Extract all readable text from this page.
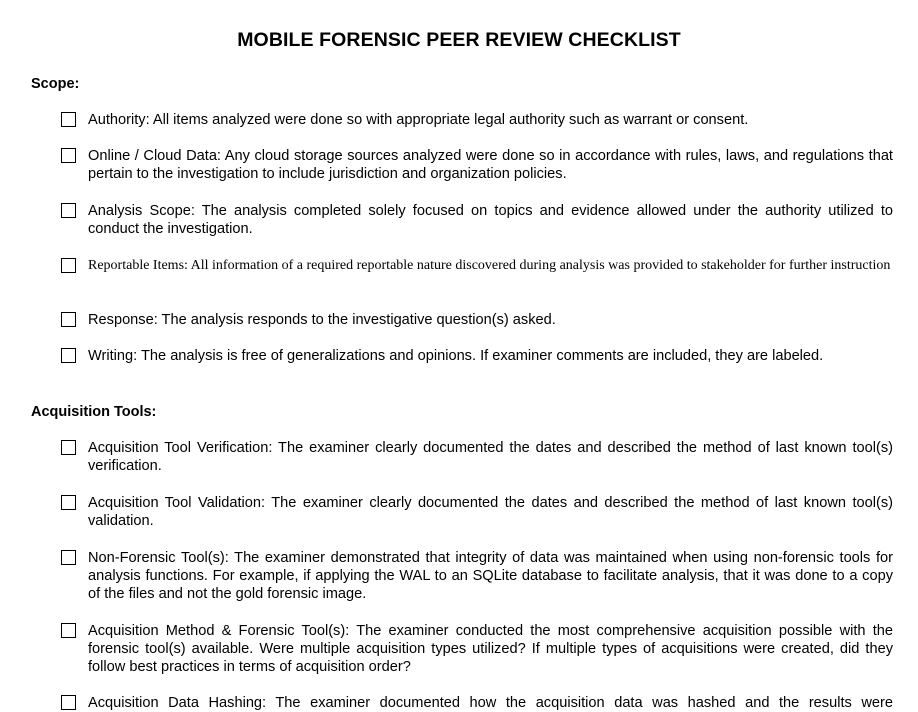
MOBILE FORENSIC PEER REVIEW CHECKLIST
Scope:
Authority: All items analyzed were done so with appropriate legal authority such as warrant or consent.
Online / Cloud Data: Any cloud storage sources analyzed were done so in accordance with rules, laws, and regulations that pertain to the investigation to include jurisdiction and organization policies.
Analysis Scope: The analysis completed solely focused on topics and evidence allowed under the authority utilized to conduct the investigation.
Reportable Items: All information of a required reportable nature discovered during analysis was provided to stakeholder for further instruction
Response: The analysis responds to the investigative question(s) asked.
Writing: The analysis is free of generalizations and opinions. If examiner comments are included, they are labeled.
Acquisition Tools:
Acquisition Tool Verification: The examiner clearly documented the dates and described the method of last known tool(s) verification.
Acquisition Tool Validation: The examiner clearly documented the dates and described the method of last known tool(s) validation.
Non-Forensic Tool(s): The examiner demonstrated that integrity of data was maintained when using non-forensic tools for analysis functions. For example, if applying the WAL to an SQLite database to facilitate analysis, that it was done to a copy of the files and not the gold forensic image.
Acquisition Method & Forensic Tool(s): The examiner conducted the most comprehensive acquisition possible with the forensic tool(s) available. Were multiple acquisition types utilized? If multiple types of acquisitions were created, did they follow best practices in terms of acquisition order?
Acquisition Data Hashing: The examiner documented how the acquisition data was hashed and the results were
